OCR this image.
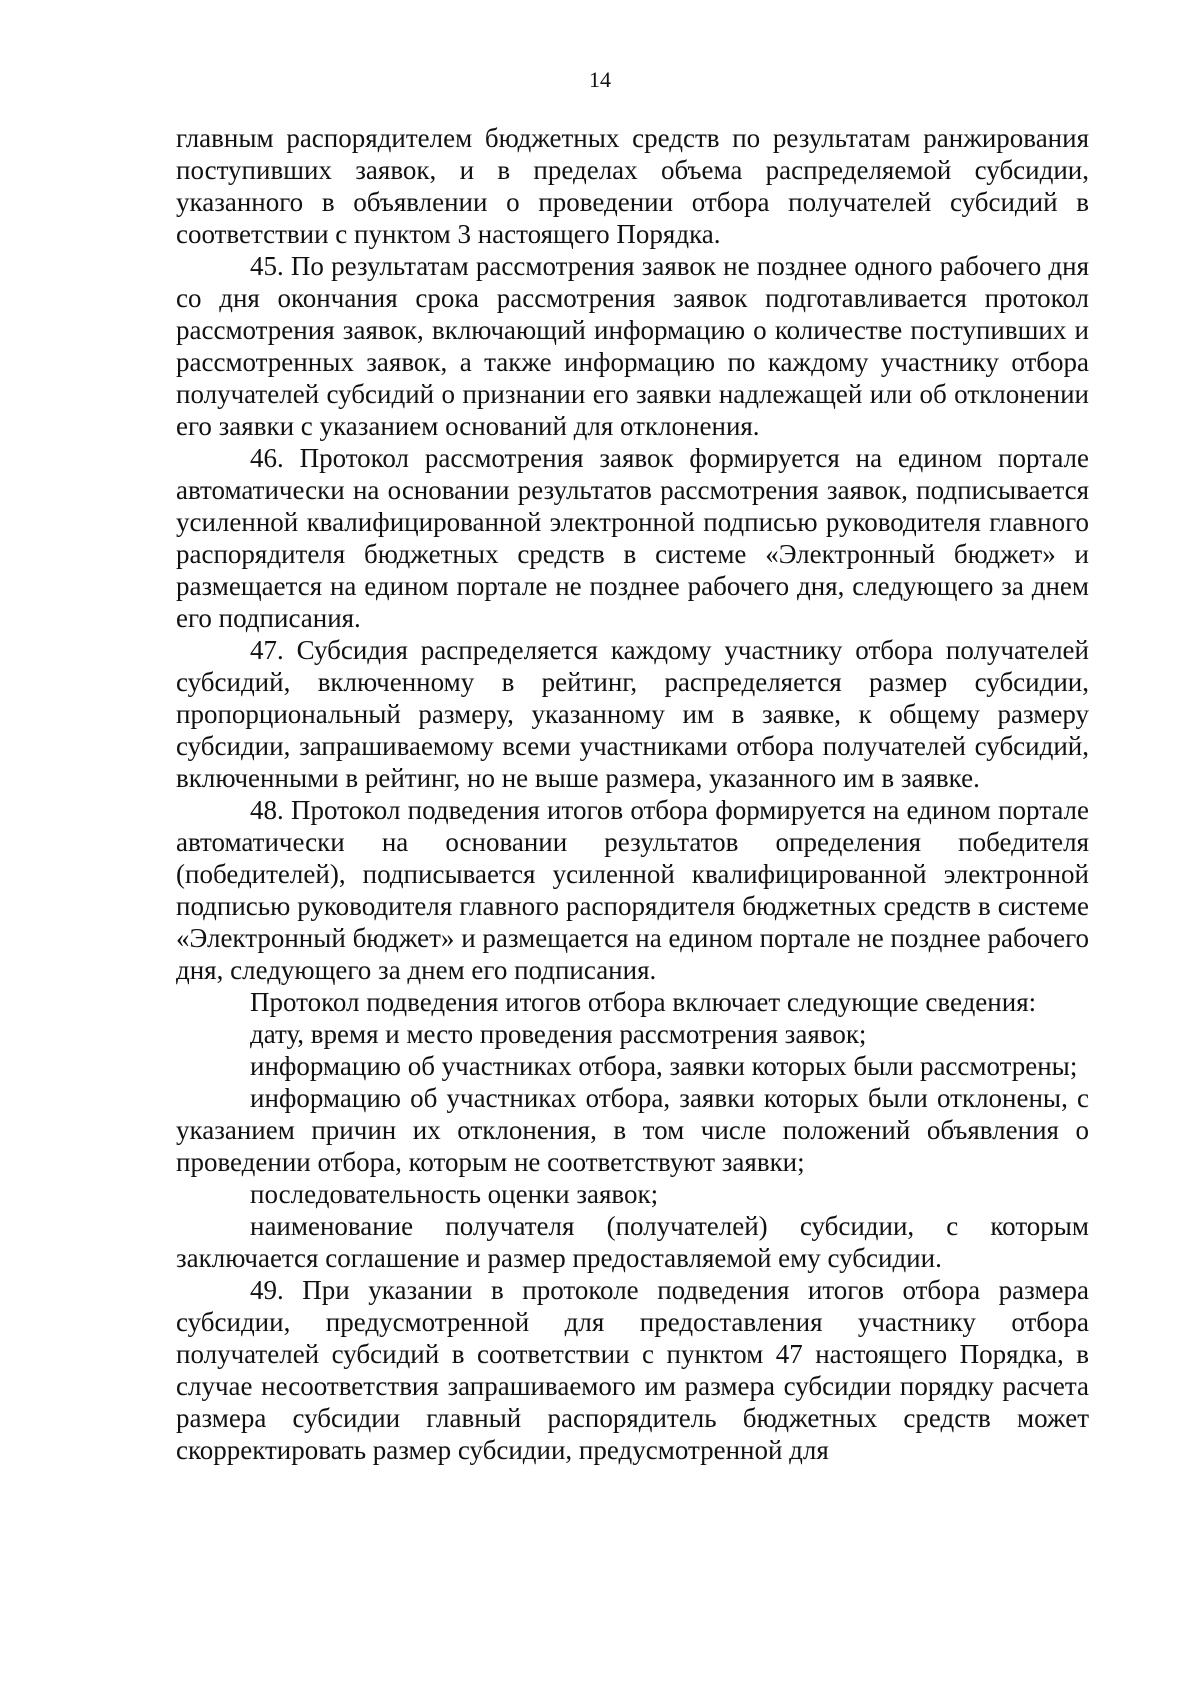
14

главным распорядителем бюджетных средств по результатам ранжирования поступивших заявок, и в пределах объема распределяемой субсидии, указанного в объявлении о проведении отбора получателей субсидий в соответствии с пунктом 3 настоящего Порядка.

45. По результатам рассмотрения заявок не позднее одного рабочего дня со дня окончания срока рассмотрения заявок подготавливается протокол рассмотрения заявок, включающий информацию о количестве поступивших и рассмотренных заявок, а также информацию по каждому участнику отбора получателей субсидий о признании его заявки надлежащей или об отклонении его заявки с указанием оснований для отклонения.

46. Протокол рассмотрения заявок формируется на едином портале автоматически на основании результатов рассмотрения заявок, подписывается усиленной квалифицированной электронной подписью руководителя главного распорядителя бюджетных средств в системе «Электронный бюджет» и размещается на едином портале не позднее рабочего дня, следующего за днем его подписания.

47. Субсидия распределяется каждому участнику отбора получателей субсидий, включенному в рейтинг, распределяется размер субсидии, пропорциональный размеру, указанному им в заявке, к общему размеру субсидии, запрашиваемому всеми участниками отбора получателей субсидий, включенными в рейтинг, но не выше размера, указанного им в заявке.

48. Протокол подведения итогов отбора формируется на едином портале автоматически на основании результатов определения победителя (победителей), подписывается усиленной квалифицированной электронной подписью руководителя главного распорядителя бюджетных средств в системе «Электронный бюджет» и размещается на едином портале не позднее рабочего дня, следующего за днем его подписания.

Протокол подведения итогов отбора включает следующие сведения:

дату, время и место проведения рассмотрения заявок;

информацию об участниках отбора, заявки которых были рассмотрены;

информацию об участниках отбора, заявки которых были отклонены, с указанием причин их отклонения, в том числе положений объявления о проведении отбора, которым не соответствуют заявки;

последовательность оценки заявок;

наименование получателя (получателей) субсидии, с которым заключается соглашение и размер предоставляемой ему субсидии.

49. При указании в протоколе подведения итогов отбора размера субсидии, предусмотренной для предоставления участнику отбора получателей субсидий в соответствии с пунктом 47 настоящего Порядка, в случае несоответствия запрашиваемого им размера субсидии порядку расчета размера субсидии главный распорядитель бюджетных средств может скорректировать размер субсидии, предусмотренной для
